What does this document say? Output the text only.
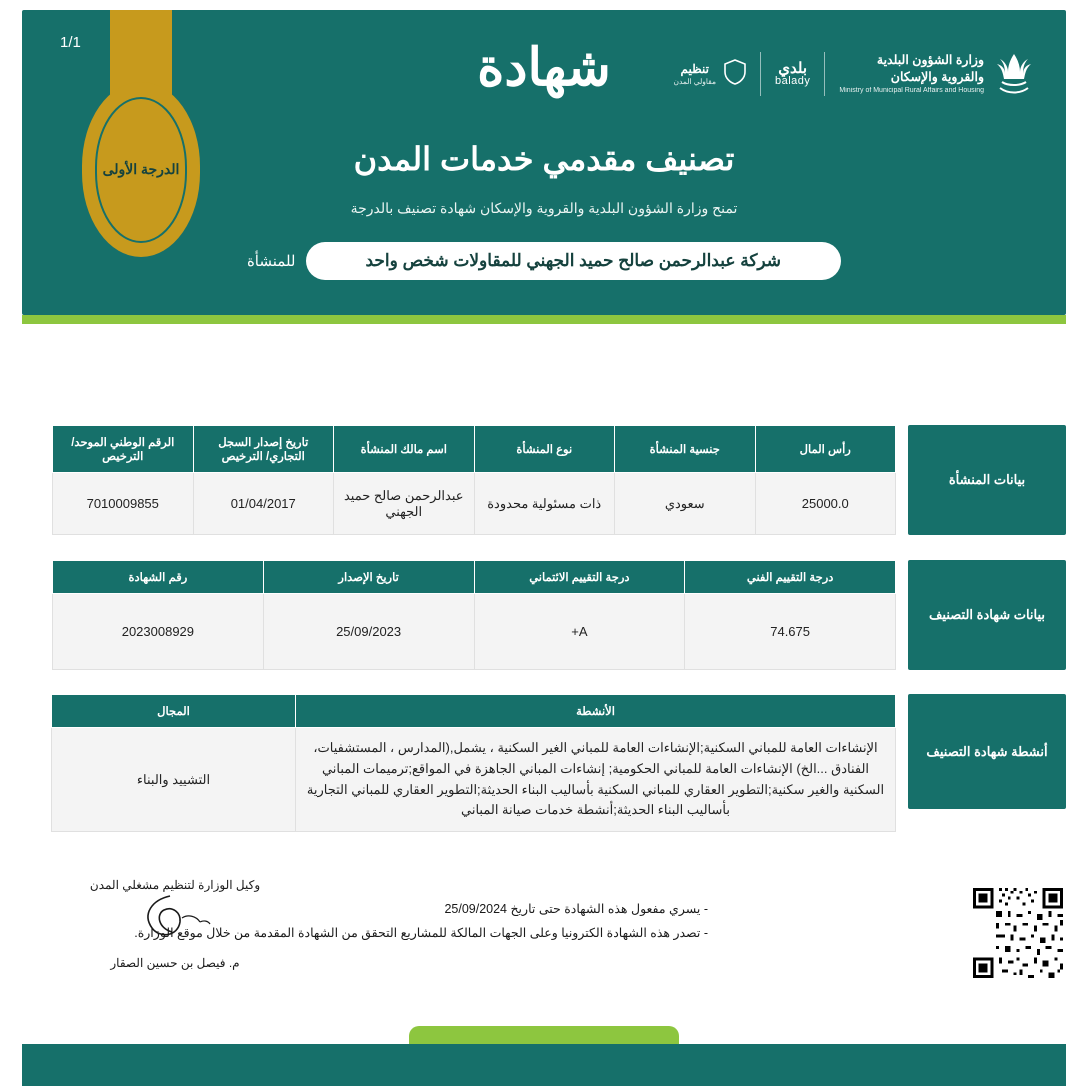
1/1	شهادة
تصنيف مقدمي خدمات المدن
تمنح وزارة الشؤون البلدية والقروية والإسكان شهادة تصنيف بالدرجة
شركة عبدالرحمن صالح حميد الجهني للمقاولات شخص واحد
للمنشأة
الدرجة الأولى
تنظيم
مقاولي المدن
بلدي
balady
وزارة الشؤون البلدية
والقروية والإسكان
Ministry of Municipal Rural Affairs and Housing
بيانات المنشأة
رأس المال	جنسية المنشأة	نوع المنشأة	اسم مالك المنشأة	تاريخ إصدار السجل التجاري/ الترخيص	الرقم الوطني الموحد/ الترخيص
25000.0	سعودي	ذات مسئولية محدودة	عبدالرحمن صالح حميد الجهني	01/04/2017	7010009855
بيانات شهادة التصنيف
درجة التقييم الفني	درجة التقييم الائتماني	تاريخ الإصدار	رقم الشهادة
74.675	A+	25/09/2023	2023008929
أنشطة شهادة التصنيف
الأنشطة	المجال
الإنشاءات العامة للمباني السكنية;الإنشاءات العامة للمباني الغير السكنية ، يشمل,(المدارس ، المستشفيات، الفنادق ...الخ) الإنشاءات العامة للمباني الحكومية; إنشاءات المباني الجاهزة في المواقع;ترميمات المباني السكنية والغير سكنية;التطوير العقاري للمباني السكنية بأساليب البناء الحديثة;التطوير العقاري للمباني التجارية بأساليب البناء الحديثة;أنشطة خدمات صيانة المباني	التشييد والبناء
- يسري مفعول هذه الشهادة حتى تاريخ 25/09/2024
- تصدر هذه الشهادة الكترونيا وعلى الجهات المالكة للمشاريع التحقق من الشهادة المقدمة من خلال موقع الوزارة.
وكيل الوزارة لتنظيم مشغلي المدن
م. فيصل بن حسين الصقار
